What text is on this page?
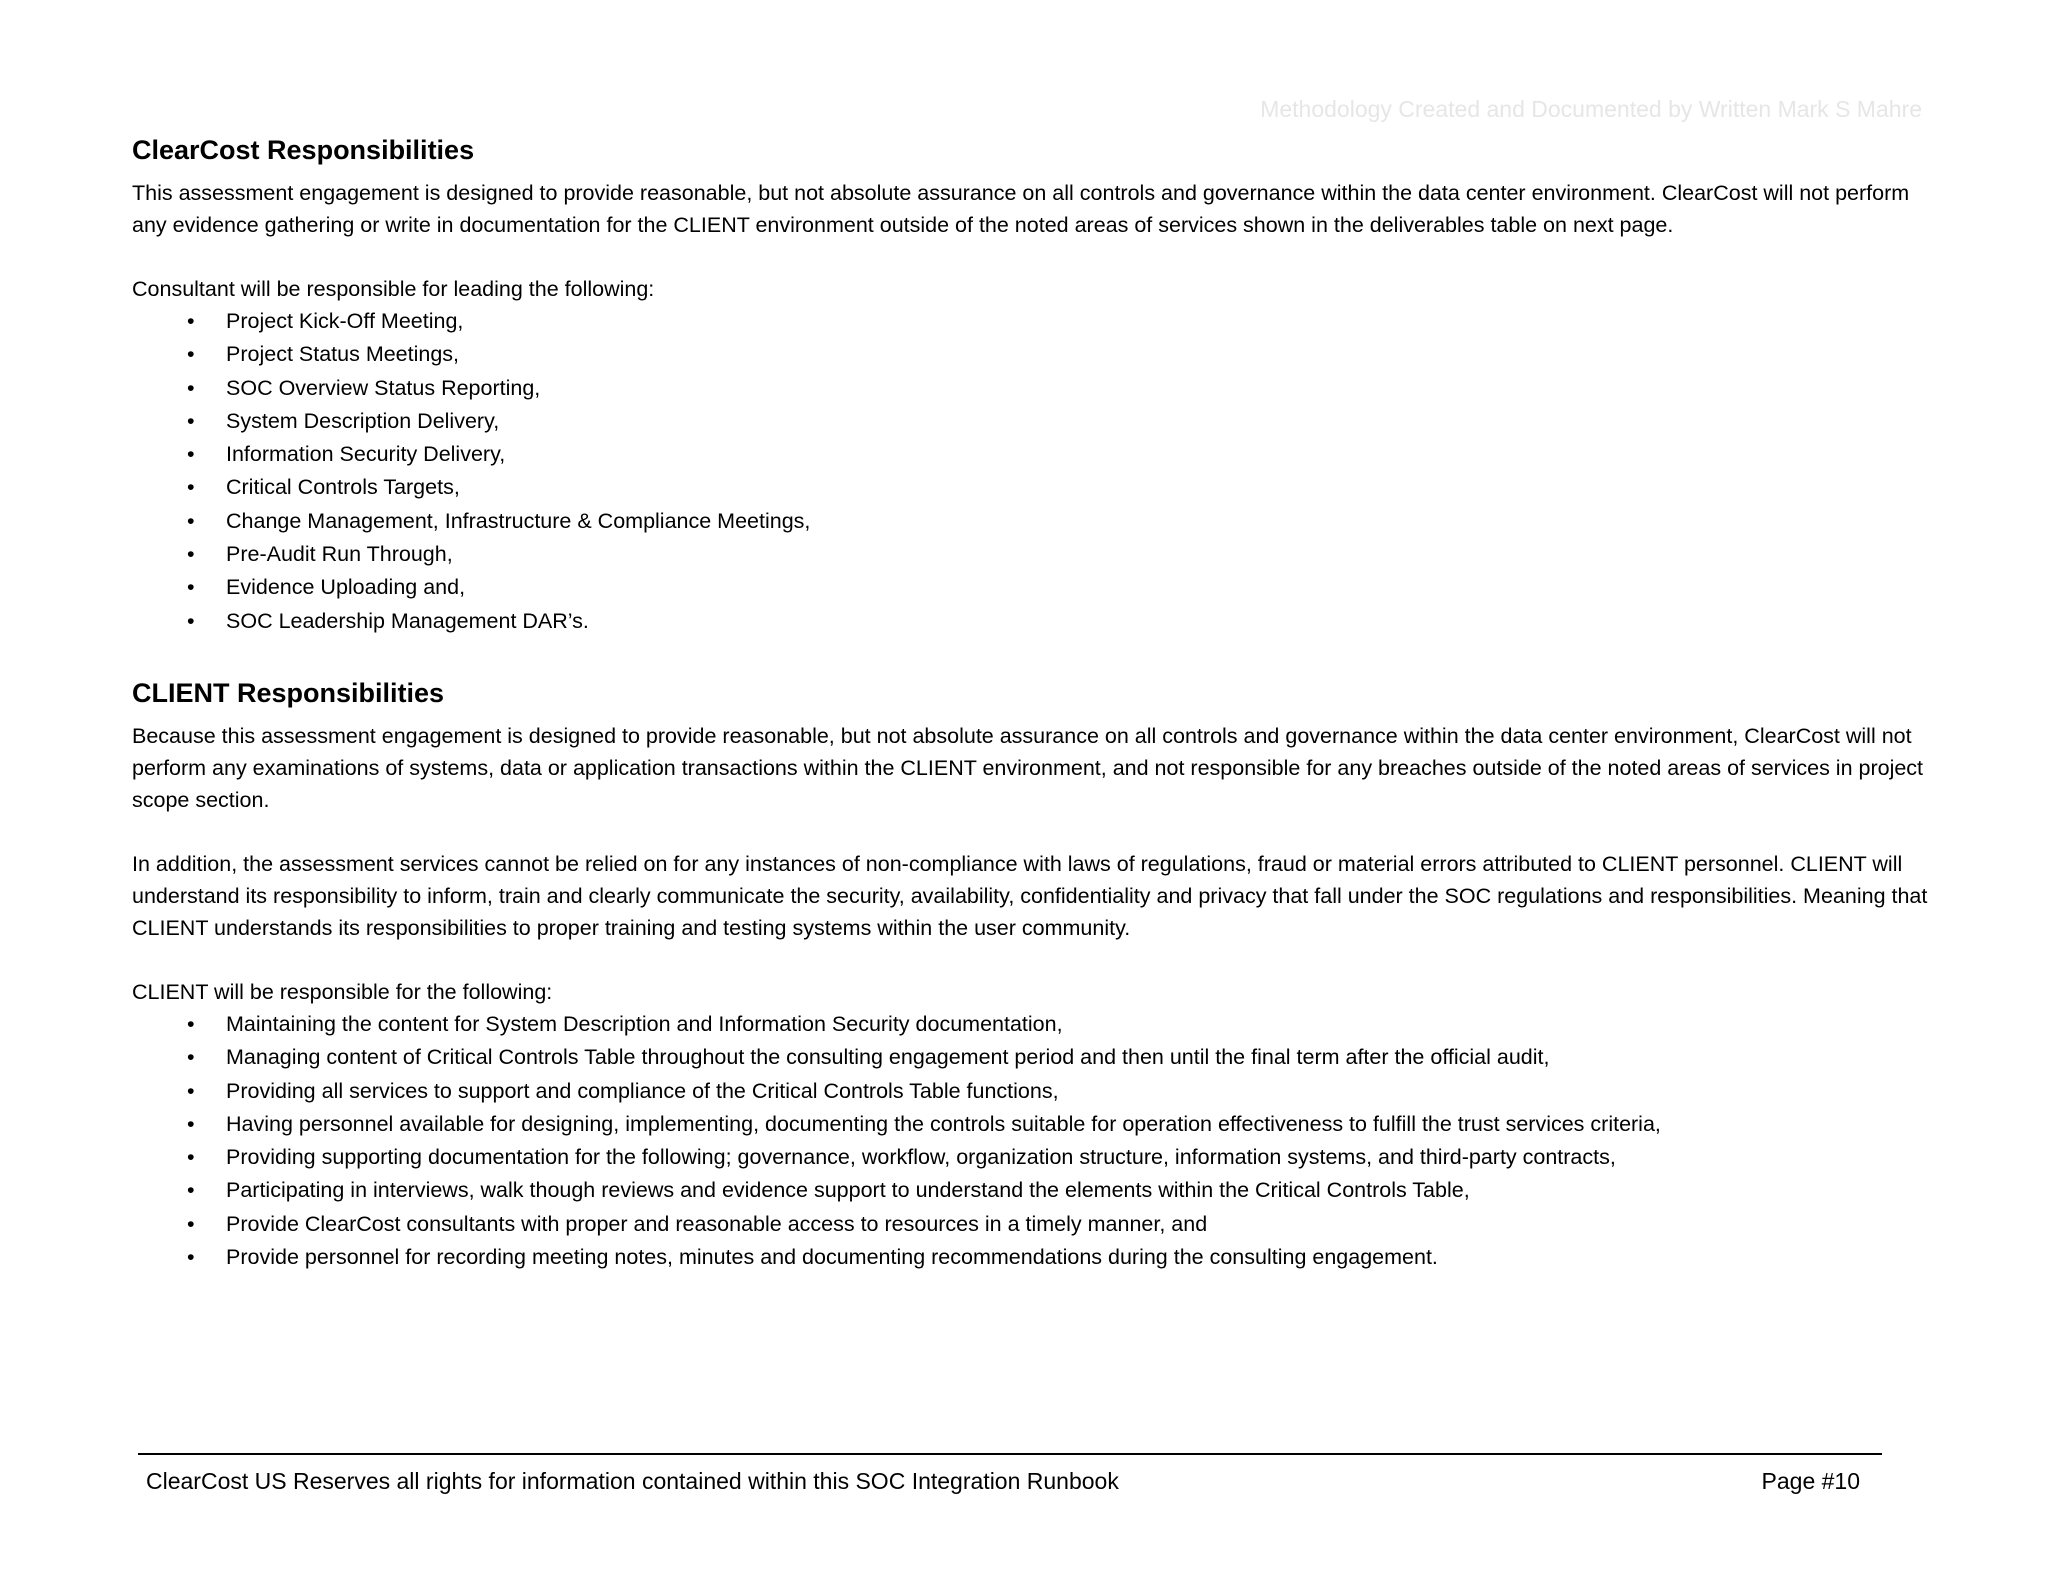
Methodology Created and Documented by Written Mark S Mahre
ClearCost Responsibilities

This assessment engagement is designed to provide reasonable, but not absolute assurance on all controls and governance within the data center environment. ClearCost will not perform any evidence gathering or write in documentation for the CLIENT environment outside of the noted areas of services shown in the deliverables table on next page.

Consultant will be responsible for leading the following:

• Project Kick-Off Meeting,
• Project Status Meetings,
• SOC Overview Status Reporting,
• System Description Delivery,
• Information Security Delivery,
• Critical Controls Targets,
• Change Management, Infrastructure & Compliance Meetings,
• Pre-Audit Run Through,
• Evidence Uploading and,
• SOC Leadership Management DAR’s.
CLIENT Responsibilities

Because this assessment engagement is designed to provide reasonable, but not absolute assurance on all controls and governance within the data center environment, ClearCost will not perform any examinations of systems, data or application transactions within the CLIENT environment, and not responsible for any breaches outside of the noted areas of services in project scope section.

In addition, the assessment services cannot be relied on for any instances of non-compliance with laws of regulations, fraud or material errors attributed to CLIENT personnel. CLIENT will understand its responsibility to inform, train and clearly communicate the security, availability, confidentiality and privacy that fall under the SOC regulations and responsibilities. Meaning that CLIENT understands its responsibilities to proper training and testing systems within the user community.

CLIENT will be responsible for the following:

• Maintaining the content for System Description and Information Security documentation,
• Managing content of Critical Controls Table throughout the consulting engagement period and then until the final term after the official audit,
• Providing all services to support and compliance of the Critical Controls Table functions,
• Having personnel available for designing, implementing, documenting the controls suitable for operation effectiveness to fulfill the trust services criteria,
• Providing supporting documentation for the following; governance, workflow, organization structure, information systems, and third-party contracts,
• Participating in interviews, walk though reviews and evidence support to understand the elements within the Critical Controls Table,
• Provide ClearCost consultants with proper and reasonable access to resources in a timely manner, and
• Provide personnel for recording meeting notes, minutes and documenting recommendations during the consulting engagement.
ClearCost US Reserves all rights for information contained within this SOC Integration Runbook	Page #10
